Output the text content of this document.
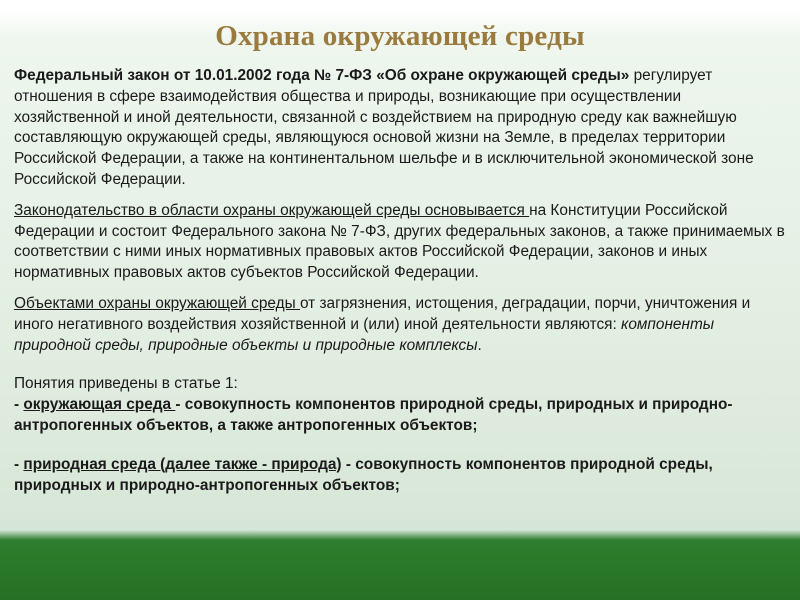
Охрана окружающей среды

Федеральный закон от 10.01.2002 года № 7-ФЗ «Об охране окружающей среды» регулирует отношения в сфере взаимодействия общества и природы, возникающие при осуществлении хозяйственной и иной деятельности, связанной с воздействием на природную среду как важнейшую составляющую окружающей среды, являющуюся основой жизни на Земле, в пределах территории Российской Федерации, а также на континентальном шельфе и в исключительной экономической зоне Российской Федерации.

Законодательство в области охраны окружающей среды основывается на Конституции Российской Федерации и состоит Федерального закона № 7-ФЗ, других федеральных законов, а также принимаемых в соответствии с ними иных нормативных правовых актов Российской Федерации, законов и иных нормативных правовых актов субъектов Российской Федерации.

Объектами охраны окружающей среды от загрязнения, истощения, деградации, порчи, уничтожения и иного негативного воздействия хозяйственной и (или) иной деятельности являются: компоненты природной среды, природные объекты и природные комплексы.

Понятия приведены в статье 1:
- окружающая среда - совокупность компонентов природной среды, природных и природно-антропогенных объектов, а также антропогенных объектов;

- природная среда (далее также - природа) - совокупность компонентов природной среды, природных и природно-антропогенных объектов;
